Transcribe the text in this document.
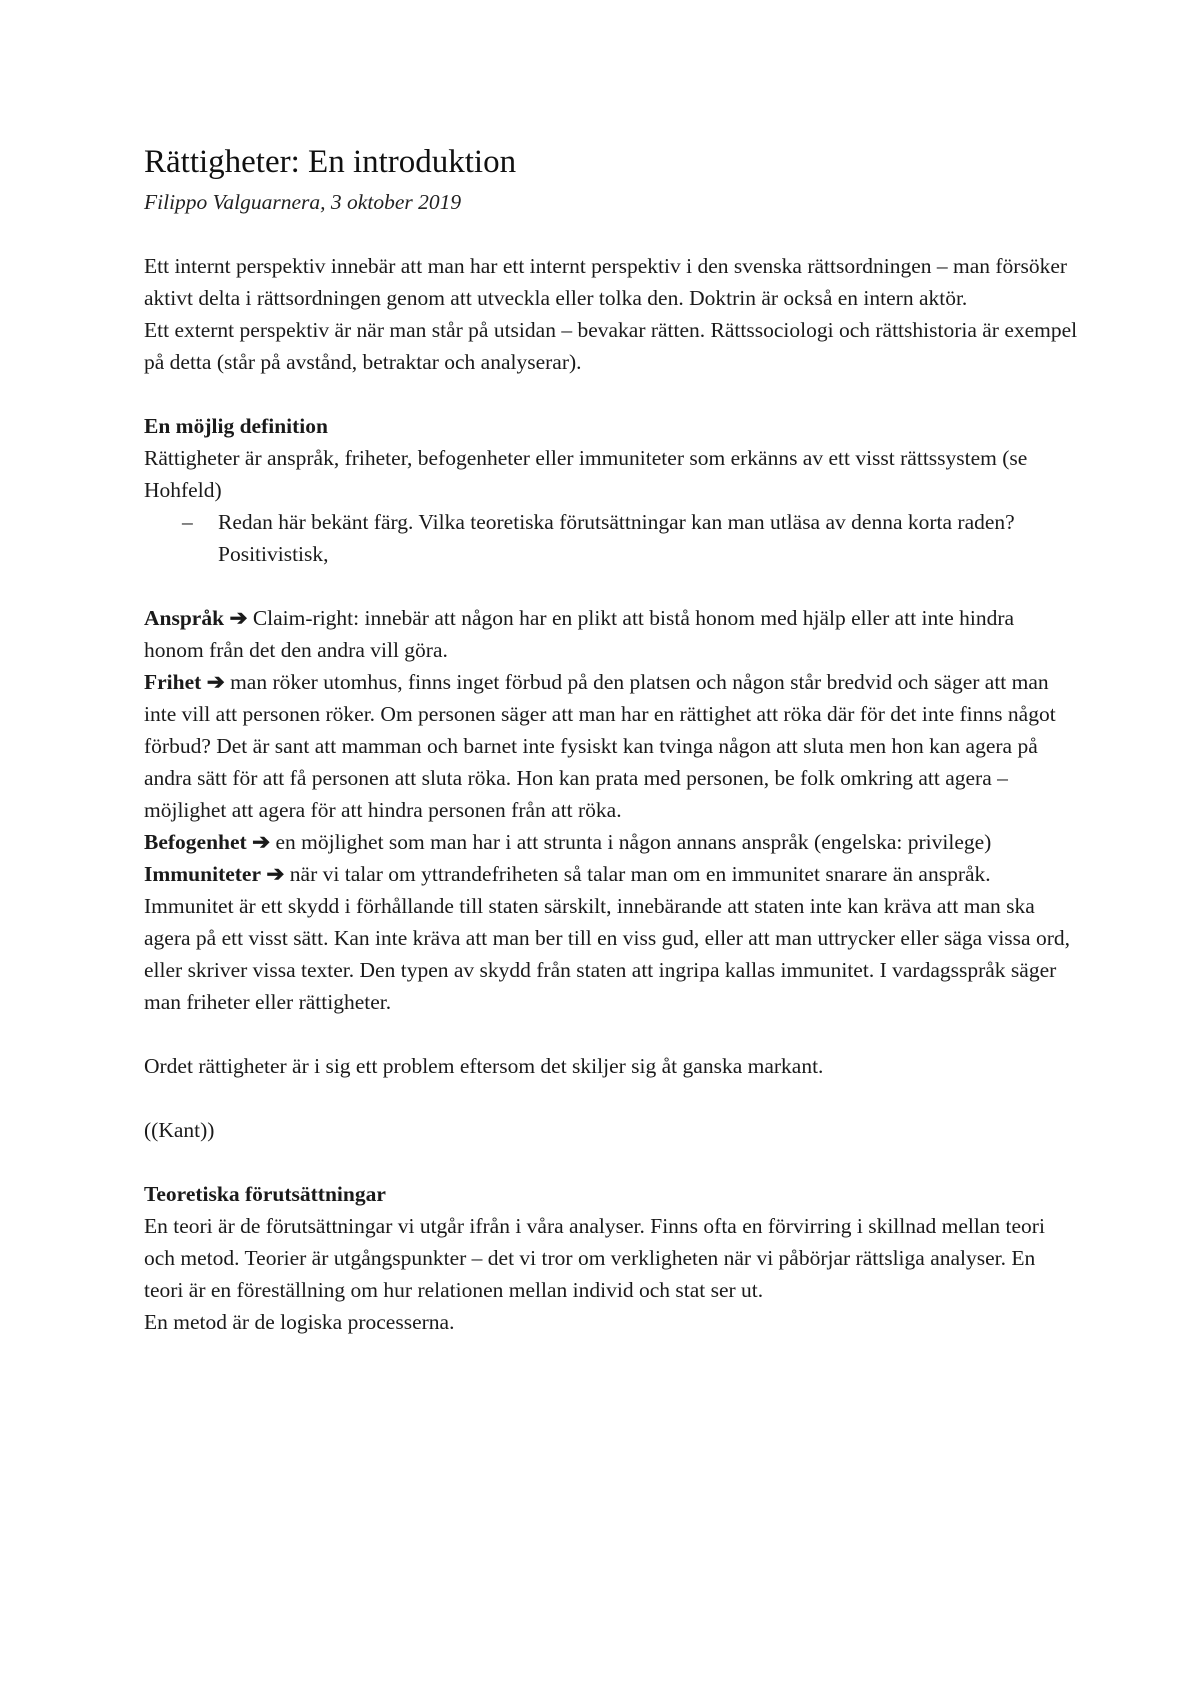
Rättigheter: En introduktion

Filippo Valguarnera, 3 oktober 2019

Ett internt perspektiv innebär att man har ett internt perspektiv i den svenska rättsordningen – man försöker aktivt delta i rättsordningen genom att utveckla eller tolka den. Doktrin är också en intern aktör.

Ett externt perspektiv är när man står på utsidan – bevakar rätten. Rättssociologi och rättshistoria är exempel på detta (står på avstånd, betraktar och analyserar).

En möjlig definition

Rättigheter är anspråk, friheter, befogenheter eller immuniteter som erkänns av ett visst rättssystem (se Hohfeld)

–	Redan här bekänt färg. Vilka teoretiska förutsättningar kan man utläsa av denna korta raden? Positivistisk,

Anspråk ➔ Claim-right: innebär att någon har en plikt att bistå honom med hjälp eller att inte hindra honom från det den andra vill göra.

Frihet ➔ man röker utomhus, finns inget förbud på den platsen och någon står bredvid och säger att man inte vill att personen röker. Om personen säger att man har en rättighet att röka där för det inte finns något förbud? Det är sant att mamman och barnet inte fysiskt kan tvinga någon att sluta men hon kan agera på andra sätt för att få personen att sluta röka. Hon kan prata med personen, be folk omkring att agera – möjlighet att agera för att hindra personen från att röka.

Befogenhet ➔ en möjlighet som man har i att strunta i någon annans anspråk (engelska: privilege)

Immuniteter ➔ när vi talar om yttrandefriheten så talar man om en immunitet snarare än anspråk. Immunitet är ett skydd i förhållande till staten särskilt, innebärande att staten inte kan kräva att man ska agera på ett visst sätt. Kan inte kräva att man ber till en viss gud, eller att man uttrycker eller säga vissa ord, eller skriver vissa texter. Den typen av skydd från staten att ingripa kallas immunitet. I vardagsspråk säger man friheter eller rättigheter.

Ordet rättigheter är i sig ett problem eftersom det skiljer sig åt ganska markant.

((Kant))

Teoretiska förutsättningar

En teori är de förutsättningar vi utgår ifrån i våra analyser. Finns ofta en förvirring i skillnad mellan teori och metod. Teorier är utgångspunkter – det vi tror om verkligheten när vi påbörjar rättsliga analyser. En teori är en föreställning om hur relationen mellan individ och stat ser ut.

En metod är de logiska processerna.
